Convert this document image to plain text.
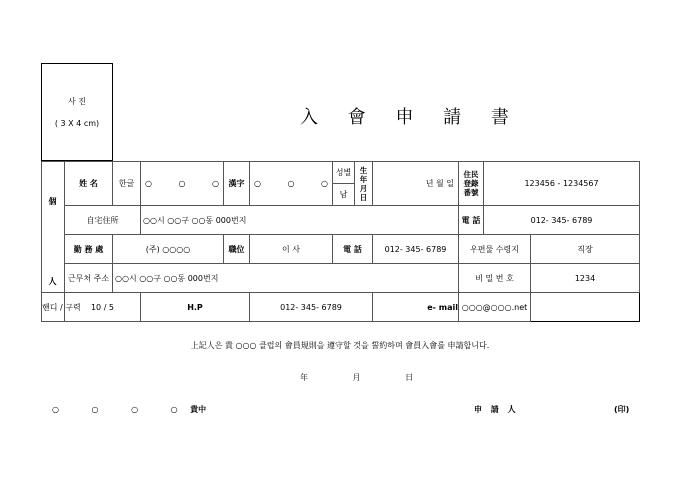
사 진
( 3 X 4 cm)	入 會 申 請 書
	姓 名	한글	○ ○ ○	漢字	○ ○ ○	성별	生年月日	년 월 일	住民登錄番號	123456 - 1234567	
						남					
	自宅住所		○○시 ○○구 ○○동 000번지						電 話	012- 345- 6789	
	勤 務 處	(주) ○○○○		職位	이 사	電 話		012- 345- 6789	우편물 수령지		직장
	근무처 주소	○○시 ○○구 ○○동 000번지							비 밀 번 호		1234
핸디 / 구력	10 / 5		H.P		012- 345- 6789			e- mail	○○○@○○○.net		
個
人
上記人은 貴 ○○○ 클럽의 會員規則을 遵守할 것을 誓約하며 會員入會를 申請합니다.
年	月	日
○	○	○	○ 貴中	申 請 人	(印)
